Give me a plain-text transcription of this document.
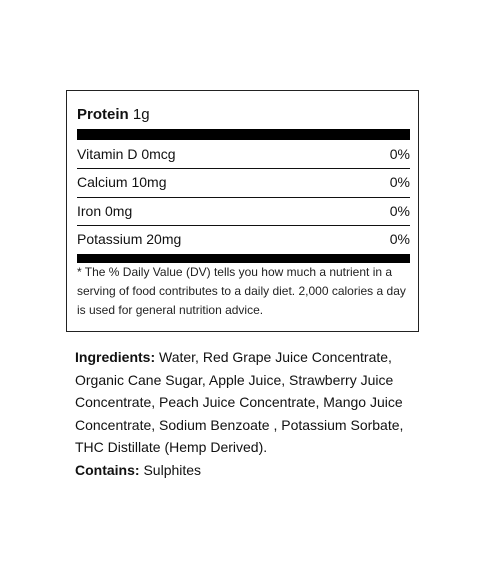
Protein 1g
Vitamin D 0mcg	0%
Calcium 10mg	0%
Iron 0mg	0%
Potassium 20mg	0%
* The % Daily Value (DV) tells you how much a nutrient in a serving of food contributes to a daily diet. 2,000 calories a day is used for general nutrition advice.
Ingredients: Water, Red Grape Juice Concentrate, Organic Cane Sugar, Apple Juice, Strawberry Juice Concentrate, Peach Juice Concentrate, Mango Juice Concentrate, Sodium Benzoate , Potassium Sorbate, THC Distillate (Hemp Derived).
Contains: Sulphites
